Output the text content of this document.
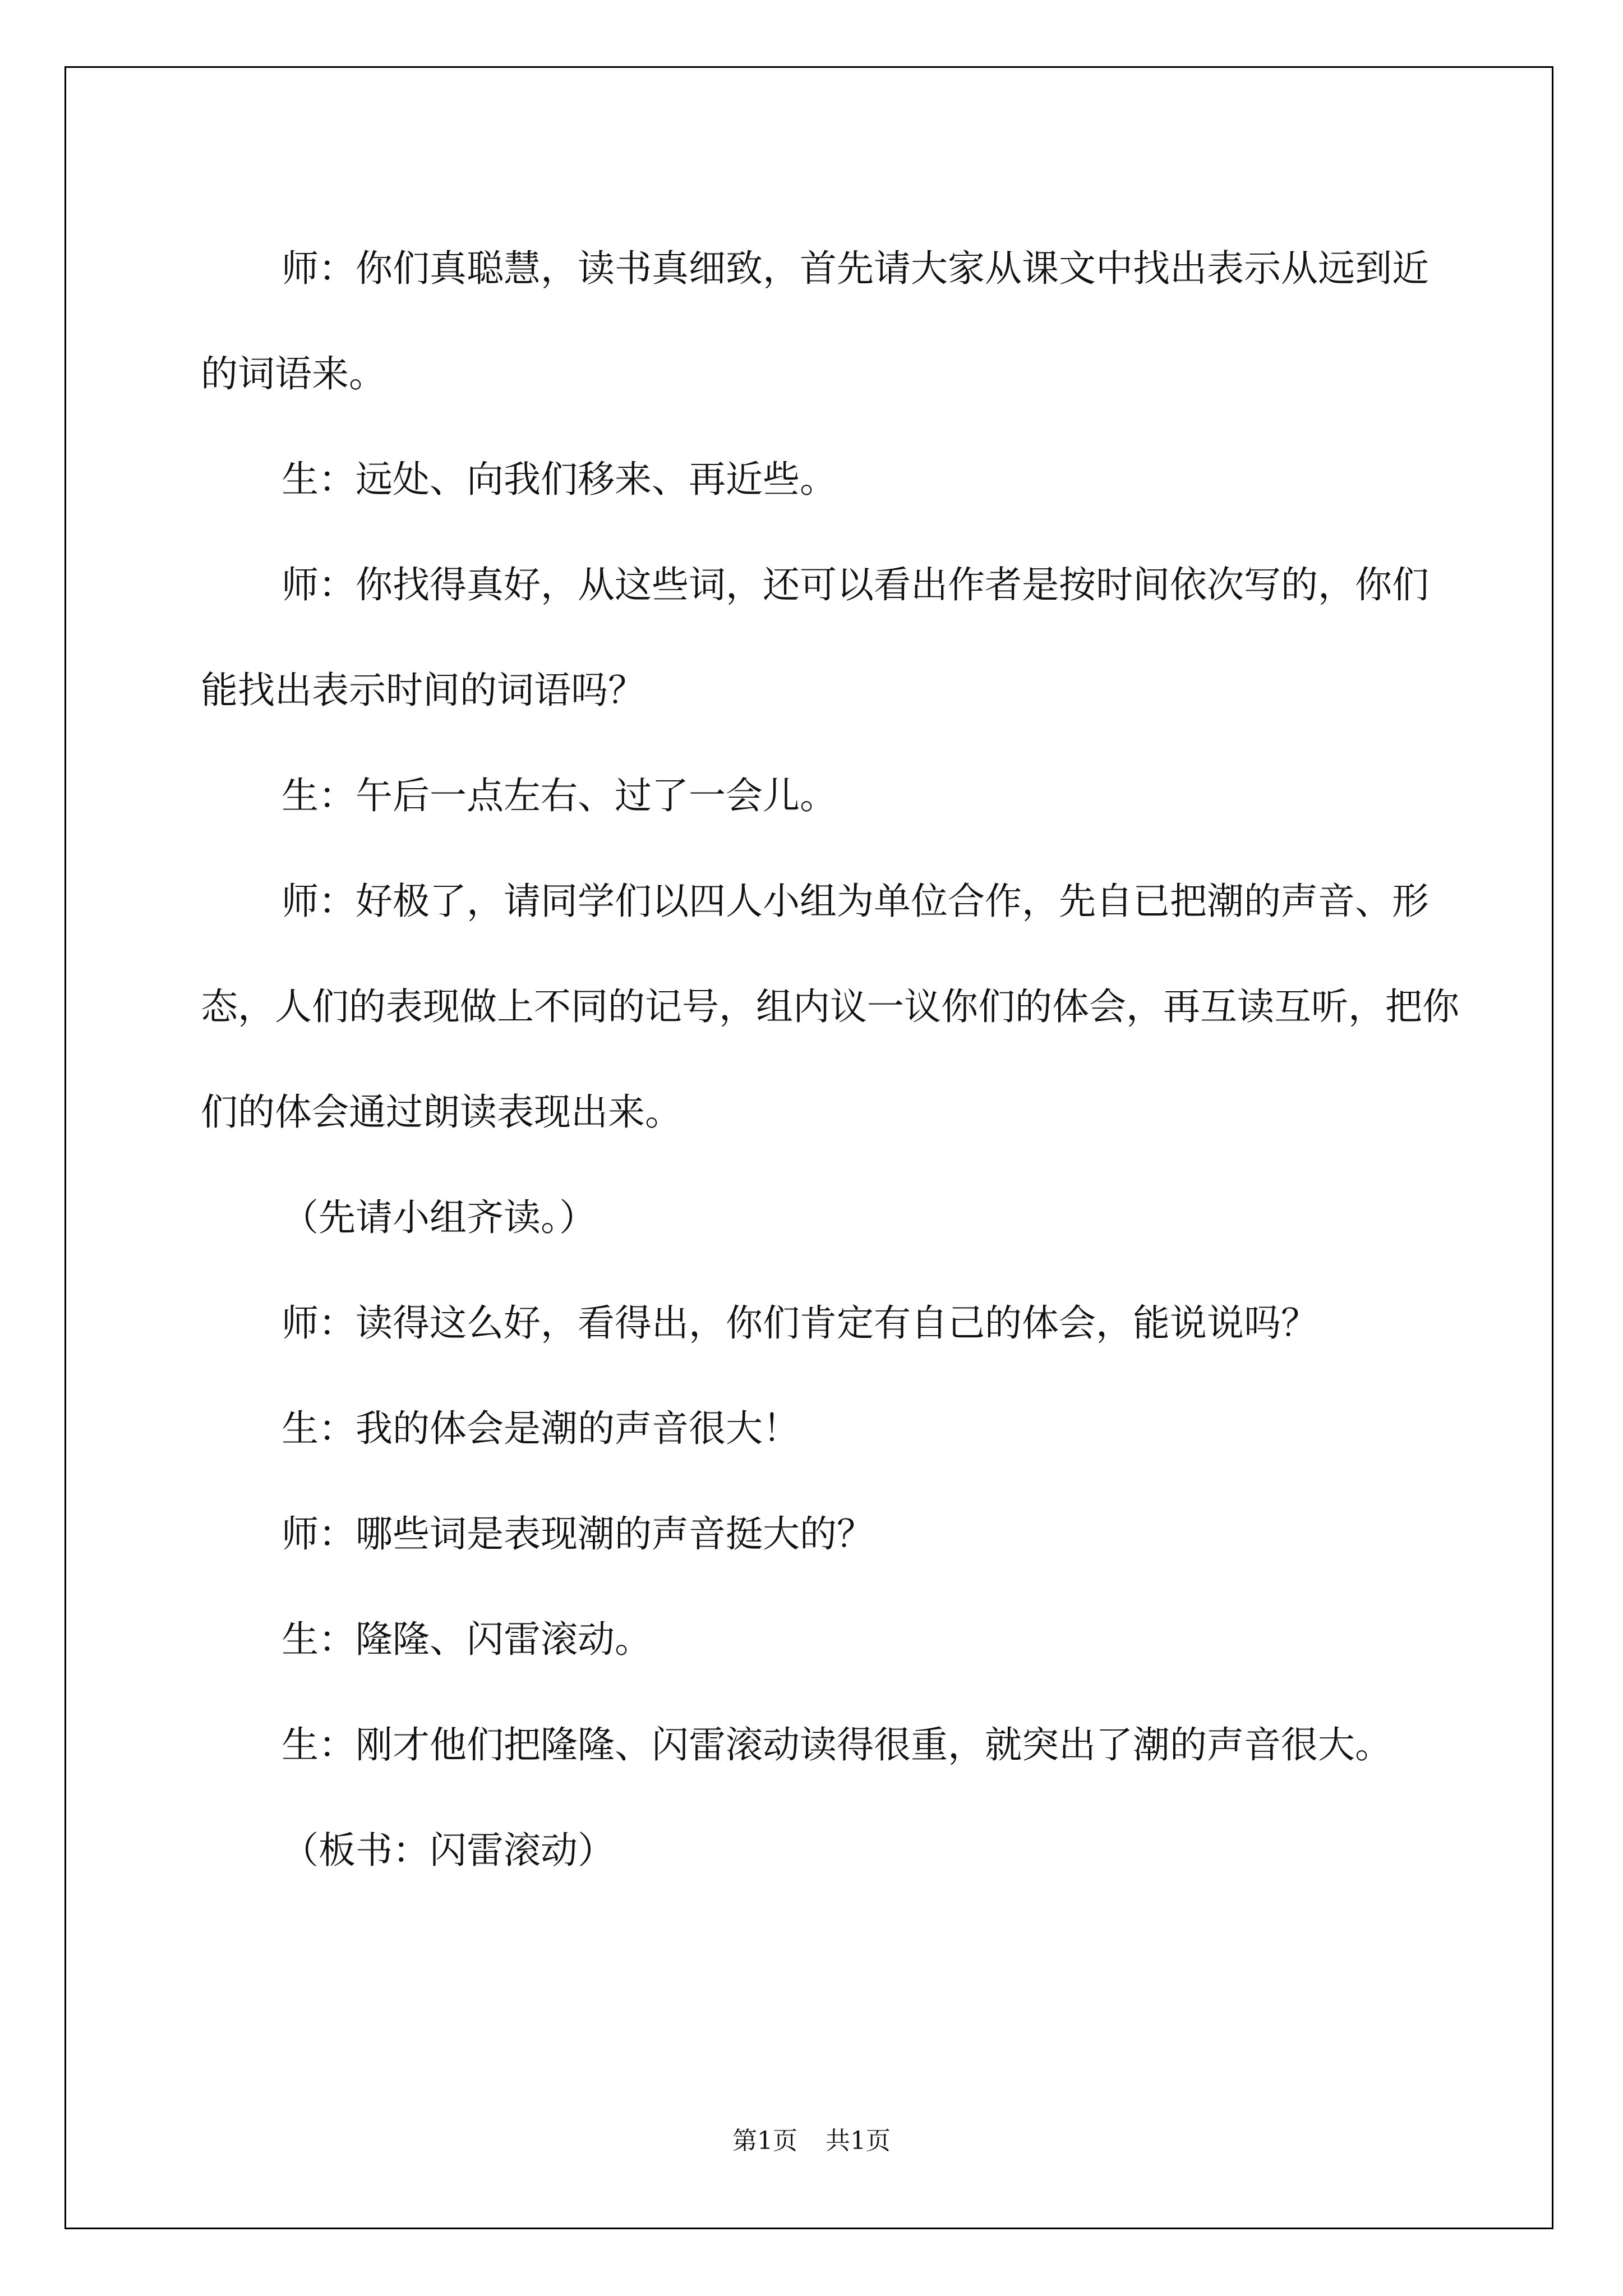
师：你们真聪慧，读书真细致，首先请大家从课文中找出表示从远到近的词语来。

生：远处、向我们移来、再近些。

师：你找得真好，从这些词，还可以看出作者是按时间依次写的，你们能找出表示时间的词语吗？

生：午后一点左右、过了一会儿。

师：好极了，请同学们以四人小组为单位合作，先自已把潮的声音、形态，人们的表现做上不同的记号，组内议一议你们的体会，再互读互听，把你们的体会通过朗读表现出来。

（先请小组齐读。）

师：读得这么好，看得出，你们肯定有自己的体会，能说说吗？

生：我的体会是潮的声音很大！

师：哪些词是表现潮的声音挺大的？

生：隆隆、闪雷滚动。

生：刚才他们把隆隆、闪雷滚动读得很重，就突出了潮的声音很大。

（板书：闪雷滚动）

第1页 共1页
